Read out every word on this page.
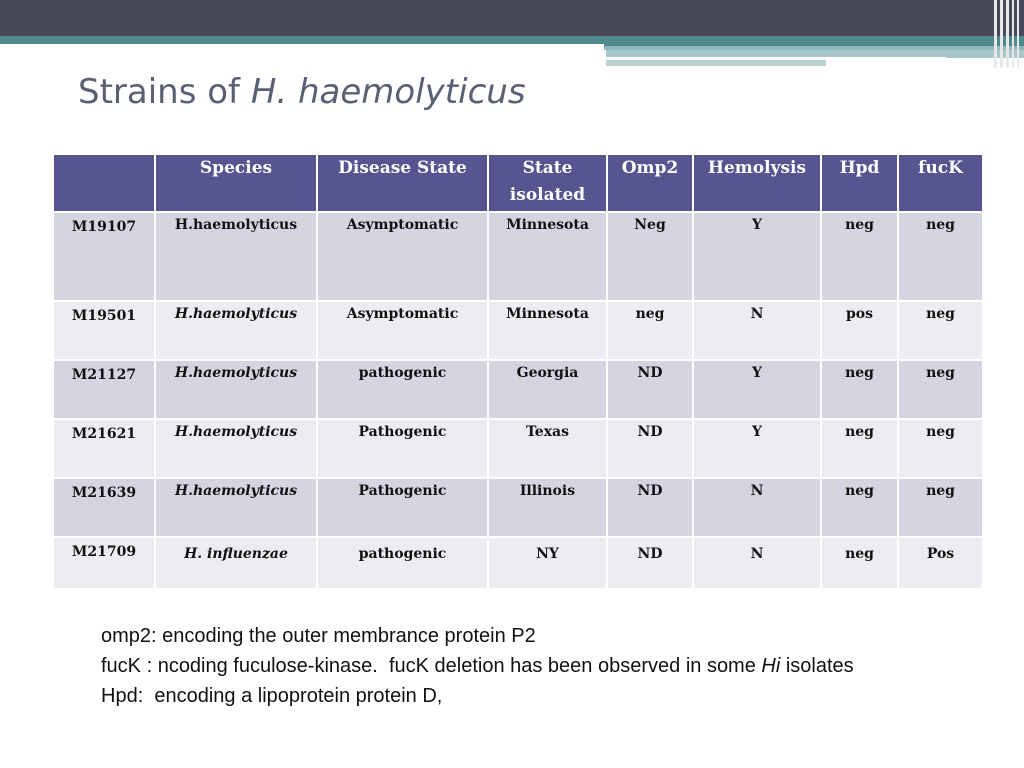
Strains of H. haemolyticus
	Species	Disease State	State isolated	Omp2	Hemolysis	Hpd	fucK
M19107	H.haemolyticus	Asymptomatic	Minnesota	Neg	Y	neg	neg
M19501	H.haemolyticus	Asymptomatic	Minnesota	neg	N	pos	neg
M21127	H.haemolyticus	pathogenic	Georgia	ND	Y	neg	neg
M21621	H.haemolyticus	Pathogenic	Texas	ND	Y	neg	neg
M21639	H.haemolyticus	Pathogenic	Illinois	ND	N	neg	neg
M21709	H. influenzae	pathogenic	NY	ND	N	neg	Pos

omp2: encoding the outer membrance protein P2

fucK : ncoding fuculose-kinase.  fucK deletion has been observed in some Hi isolates

Hpd:  encoding a lipoprotein protein D,
